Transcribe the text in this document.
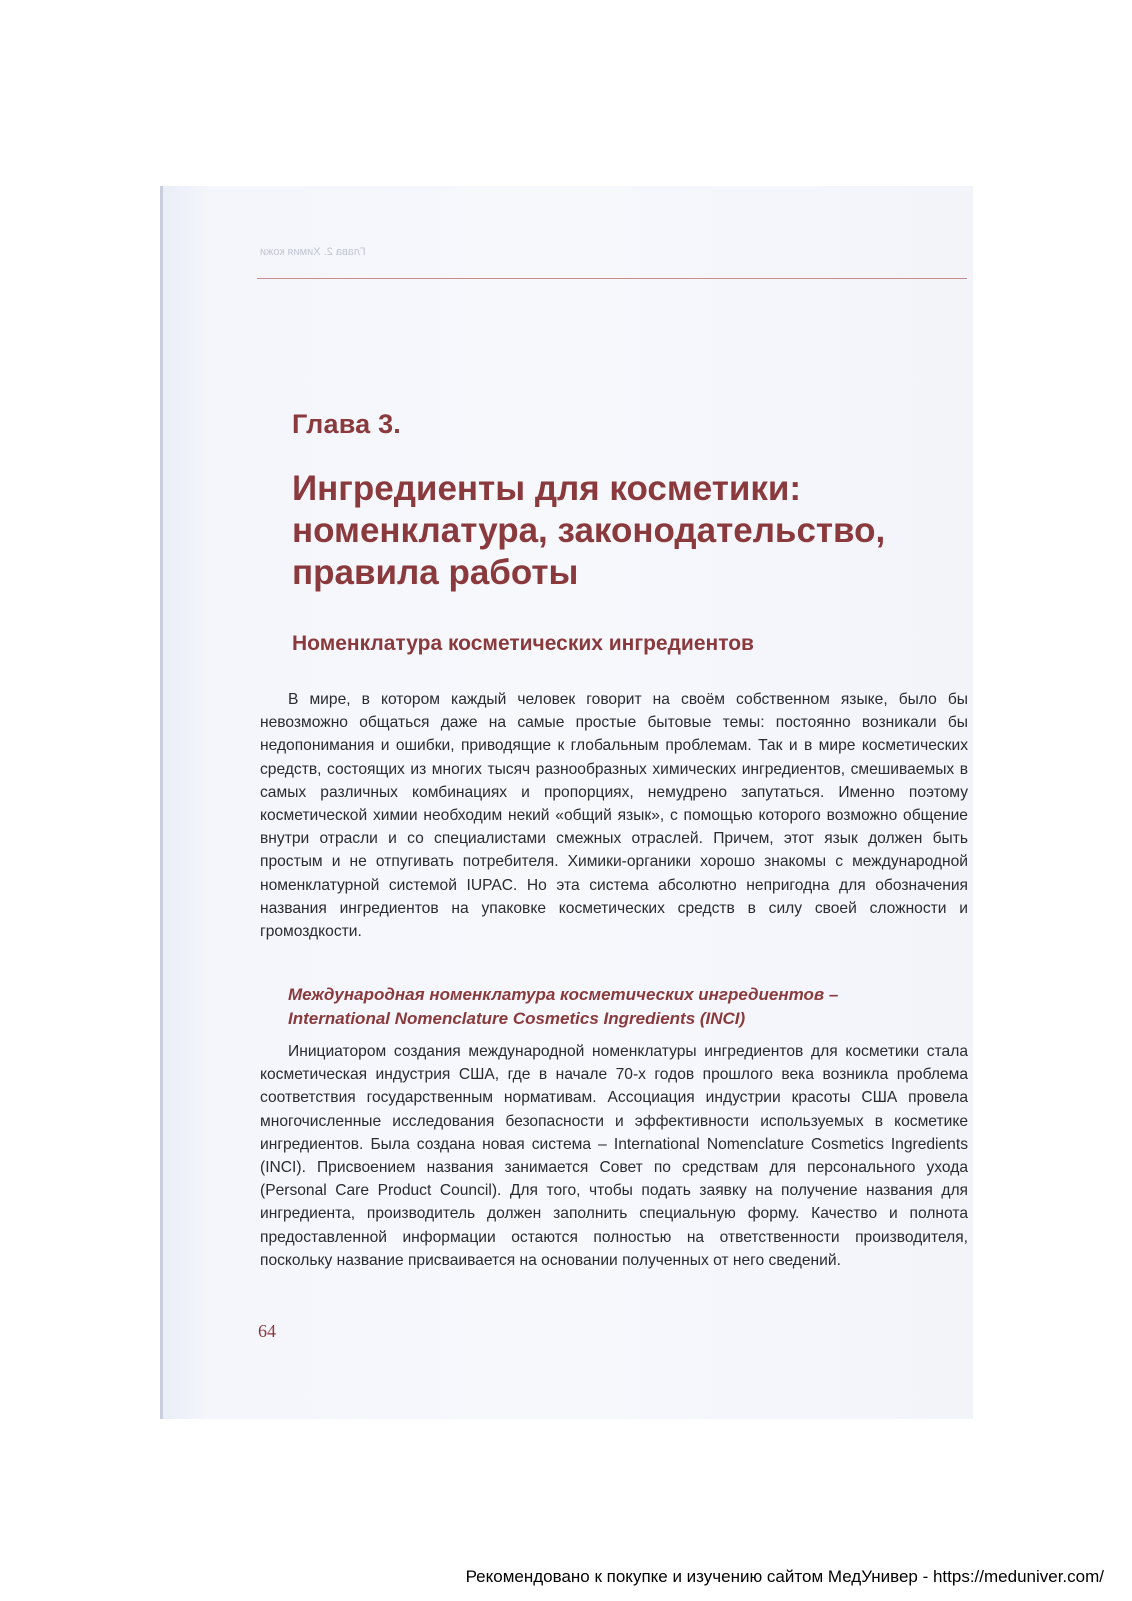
Глава 2. Химия кожи
Глава 3.
Ингредиенты для косметики:
номенклатура, законодательство,
правила работы
Номенклатура косметических ингредиентов

В мире, в котором каждый человек говорит на своём собственном языке, было бы невозможно общаться даже на самые простые бытовые темы: постоянно возникали бы недопонимания и ошибки, приводящие к глобальным проблемам. Так и в мире косметических средств, состоящих из многих тысяч разнообразных химических ингредиентов, смешиваемых в самых различных комбинациях и пропорциях, немудрено запутаться. Именно поэтому косметической химии необходим некий «общий язык», с помощью которого возможно общение внутри отрасли и со специалистами смежных отраслей. Причем, этот язык должен быть простым и не отпугивать потребителя. Химики-органики хорошо знакомы с международной номенклатурной системой IUPAC. Но эта система абсолютно непригодна для обозначения названия ингредиентов на упаковке косметических средств в силу своей сложности и громоздкости.

Международная номенклатура косметических ингредиентов –
International Nomenclature Cosmetics Ingredients (INCI)

Инициатором создания международной номенклатуры ингредиентов для косметики стала косметическая индустрия США, где в начале 70-х годов прошлого века возникла проблема соответствия государственным нормативам. Ассоциация индустрии красоты США провела многочисленные исследования безопасности и эффективности используемых в косметике ингредиентов. Была создана новая система – International Nomenclature Cosmetics Ingredients (INCI). Присвоением названия занимается Совет по средствам для персонального ухода (Personal Care Product Council). Для того, чтобы подать заявку на получение названия для ингредиента, производитель должен заполнить специальную форму. Качество и полнота предоставленной информации остаются полностью на ответственности производителя, поскольку название присваивается на основании полученных от него сведений.

64
Рекомендовано к покупке и изучению сайтом МедУнивер - https://meduniver.com/
